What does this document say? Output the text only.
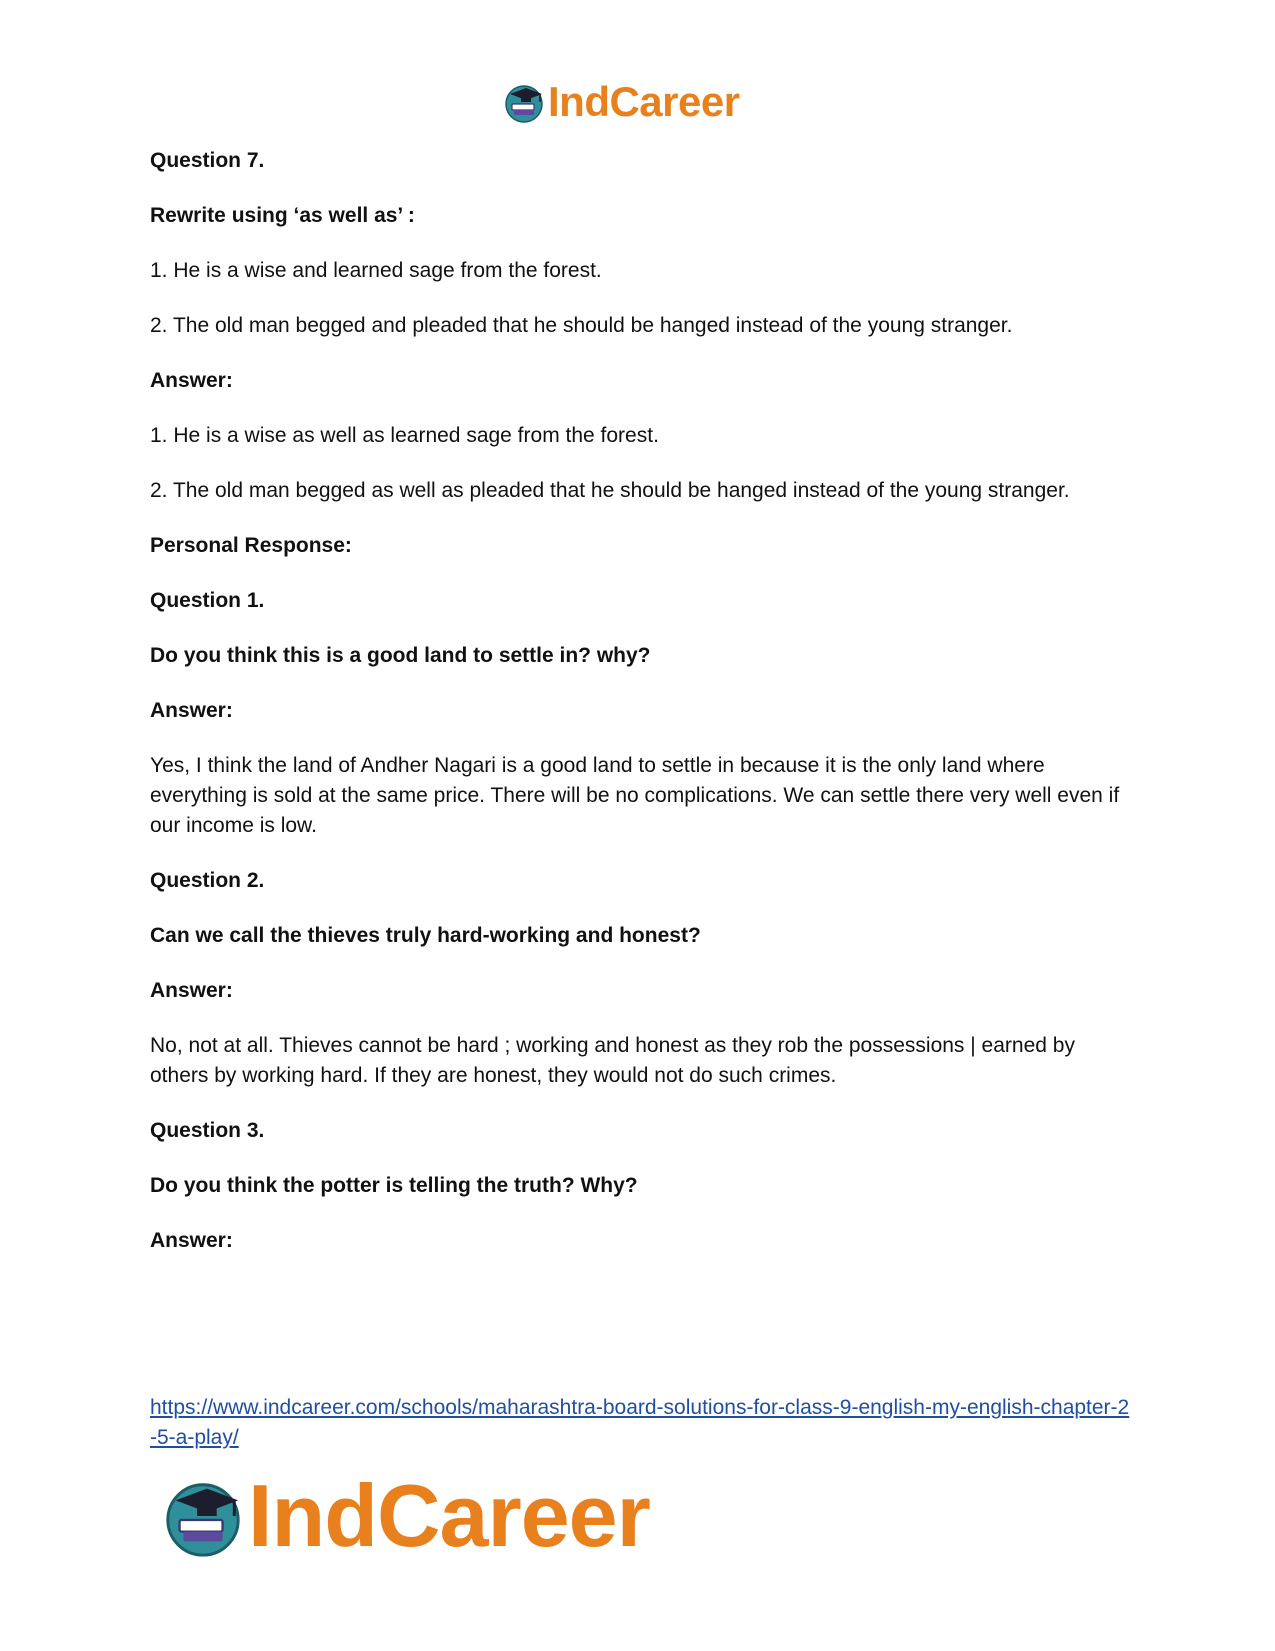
IndCareer

Question 7.

Rewrite using ‘as well as’ :

1. He is a wise and learned sage from the forest.

2. The old man begged and pleaded that he should be hanged instead of the young stranger.

Answer:

1. He is a wise as well as learned sage from the forest.

2. The old man begged as well as pleaded that he should be hanged instead of the young stranger.

Personal Response:

Question 1.

Do you think this is a good land to settle in? why?

Answer:

Yes, I think the land of Andher Nagari is a good land to settle in because it is the only land where everything is sold at the same price. There will be no complications. We can settle there very well even if our income is low.

Question 2.

Can we call the thieves truly hard-working and honest?

Answer:

No, not at all. Thieves cannot be hard ; working and honest as they rob the possessions | earned by others by working hard. If they are honest, they would not do such crimes.

Question 3.

Do you think the potter is telling the truth? Why?

Answer:

https://www.indcareer.com/schools/maharashtra-board-solutions-for-class-9-english-my-english-chapter-2-5-a-play/
IndCareer
